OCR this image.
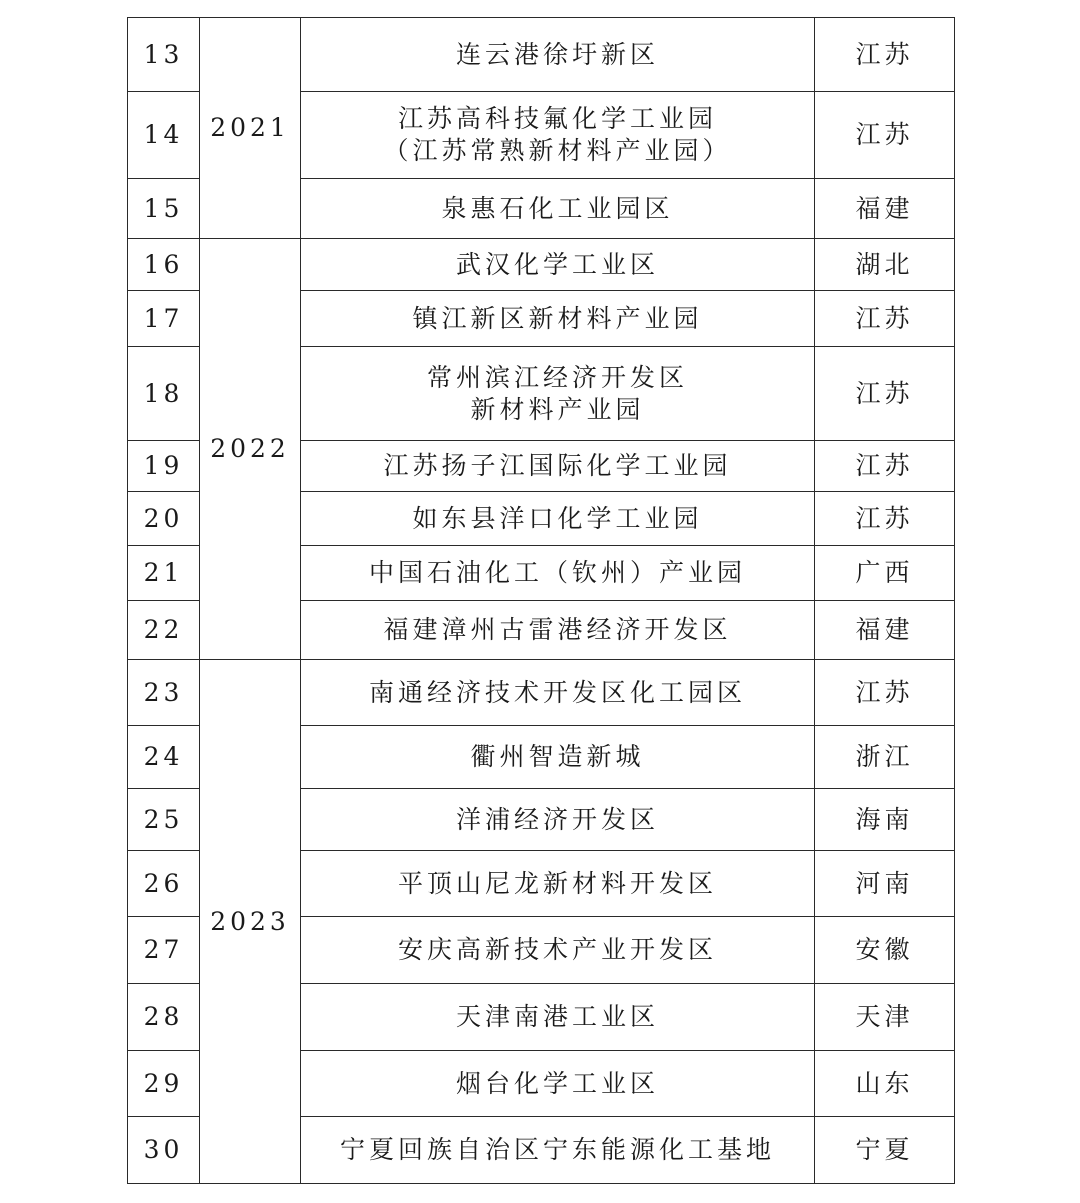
13	2021	连云港徐圩新区	江苏
14		江苏高科技氟化学工业园
（江苏常熟新材料产业园）	江苏
15		泉惠石化工业园区	福建
16	2022	武汉化学工业区	湖北
17		镇江新区新材料产业园	江苏
18		常州滨江经济开发区
新材料产业园	江苏
19		江苏扬子江国际化学工业园	江苏
20		如东县洋口化学工业园	江苏
21		中国石油化工（钦州）产业园	广西
22		福建漳州古雷港经济开发区	福建
23	2023	南通经济技术开发区化工园区	江苏
24		衢州智造新城	浙江
25		洋浦经济开发区	海南
26		平顶山尼龙新材料开发区	河南
27		安庆高新技术产业开发区	安徽
28		天津南港工业区	天津
29		烟台化学工业区	山东
30		宁夏回族自治区宁东能源化工基地	宁夏
